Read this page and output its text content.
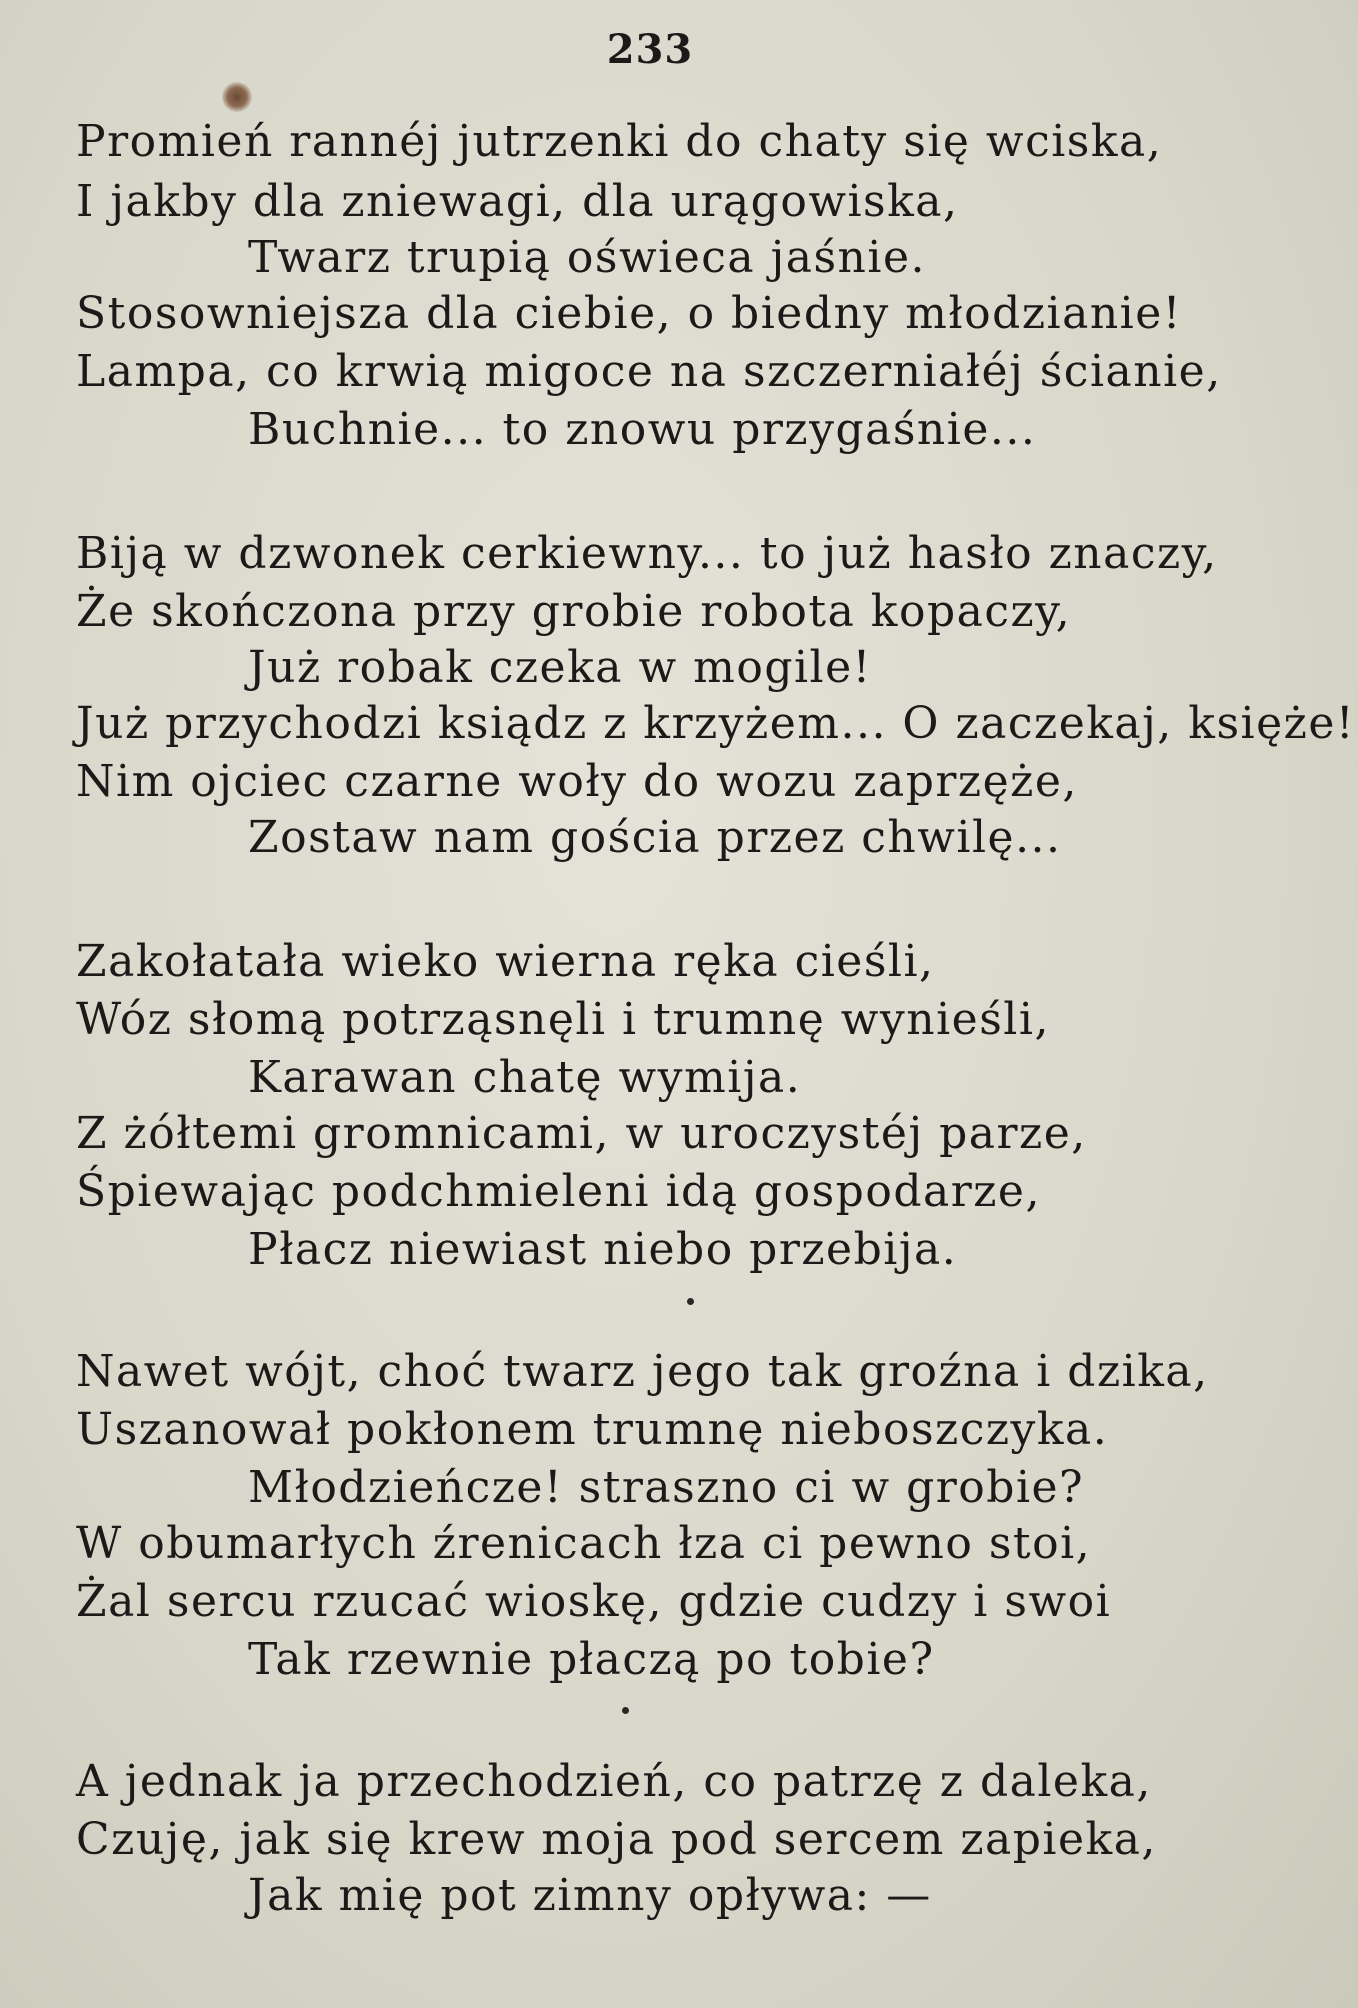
233
Promień rannéj jutrzenki do chaty się wciska,
I jakby dla zniewagi, dla urągowiska,
Twarz trupią oświeca jaśnie.
Stosowniejsza dla ciebie, o biedny młodzianie!
Lampa, co krwią migoce na szczerniałéj ścianie,
Buchnie... to znowu przygaśnie...
Biją w dzwonek cerkiewny... to już hasło znaczy,
Że skończona przy grobie robota kopaczy,
Już robak czeka w mogile!
Już przychodzi ksiądz z krzyżem... O zaczekaj, księże!
Nim ojciec czarne woły do wozu zaprzęże,
Zostaw nam gościa przez chwilę...
Zakołatała wieko wierna ręka cieśli,
Wóz słomą potrząsnęli i trumnę wynieśli,
Karawan chatę wymija.
Z żółtemi gromnicami, w uroczystéj parze,
Śpiewając podchmieleni idą gospodarze,
Płacz niewiast niebo przebija.
Nawet wójt, choć twarz jego tak groźna i dzika,
Uszanował pokłonem trumnę nieboszczyka.
Młodzieńcze! straszno ci w grobie?
W obumarłych źrenicach łza ci pewno stoi,
Żal sercu rzucać wioskę, gdzie cudzy i swoi
Tak rzewnie płaczą po tobie?
A jednak ja przechodzień, co patrzę z daleka,
Czuję, jak się krew moja pod sercem zapieka,
Jak mię pot zimny opływa: —
